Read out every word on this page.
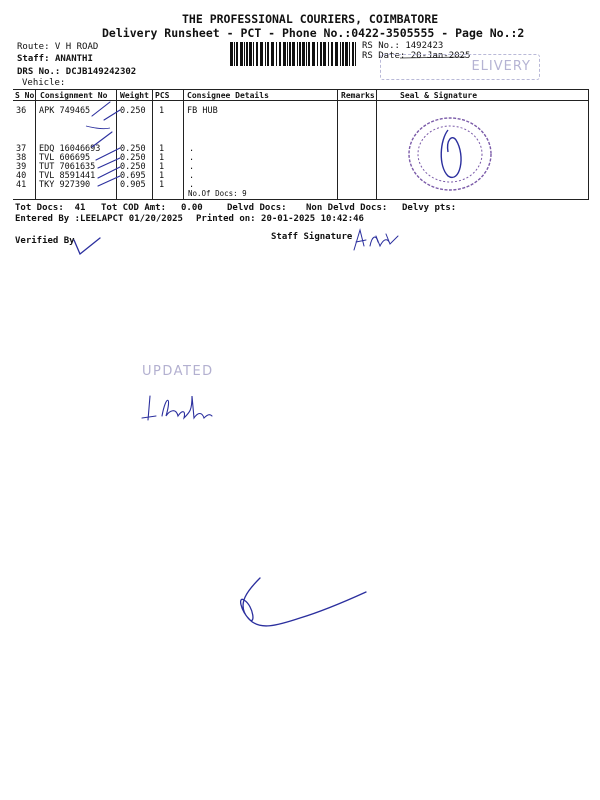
THE PROFESSIONAL COURIERS, COIMBATORE
Delivery Runsheet - PCT - Phone No.:0422-3505555 - Page No.:2
Route: V H ROAD
Staff: ANANTHI
DRS No.: DCJB149242302
Vehicle:
RS No.: 1492423
RS Date: 20-Jan-2025
ELIVERY
S No Consignment No Weight PCS Consignee Details	Remarks	Seal & Signature
36 APK 749465	0.250 1	FB HUB
37 EDQ 16046693 0.250 1	.
38 TVL 606695	0.250 1	.
39 TUT 7061635	0.250 1	.
40 TVL 8591441	0.695 1	.
41 TKY 927390	0.905 1	.
No.Of Docs: 9
Tot Docs:  41 Tot COD Amt: 0.00	Delvd Docs: Non Delvd Docs: Delvy pts:
Entered By :LEELAPCT 01/20/2025 Printed on: 20-01-2025 10:42:46
Verified By	Staff Signature
UPDATED
